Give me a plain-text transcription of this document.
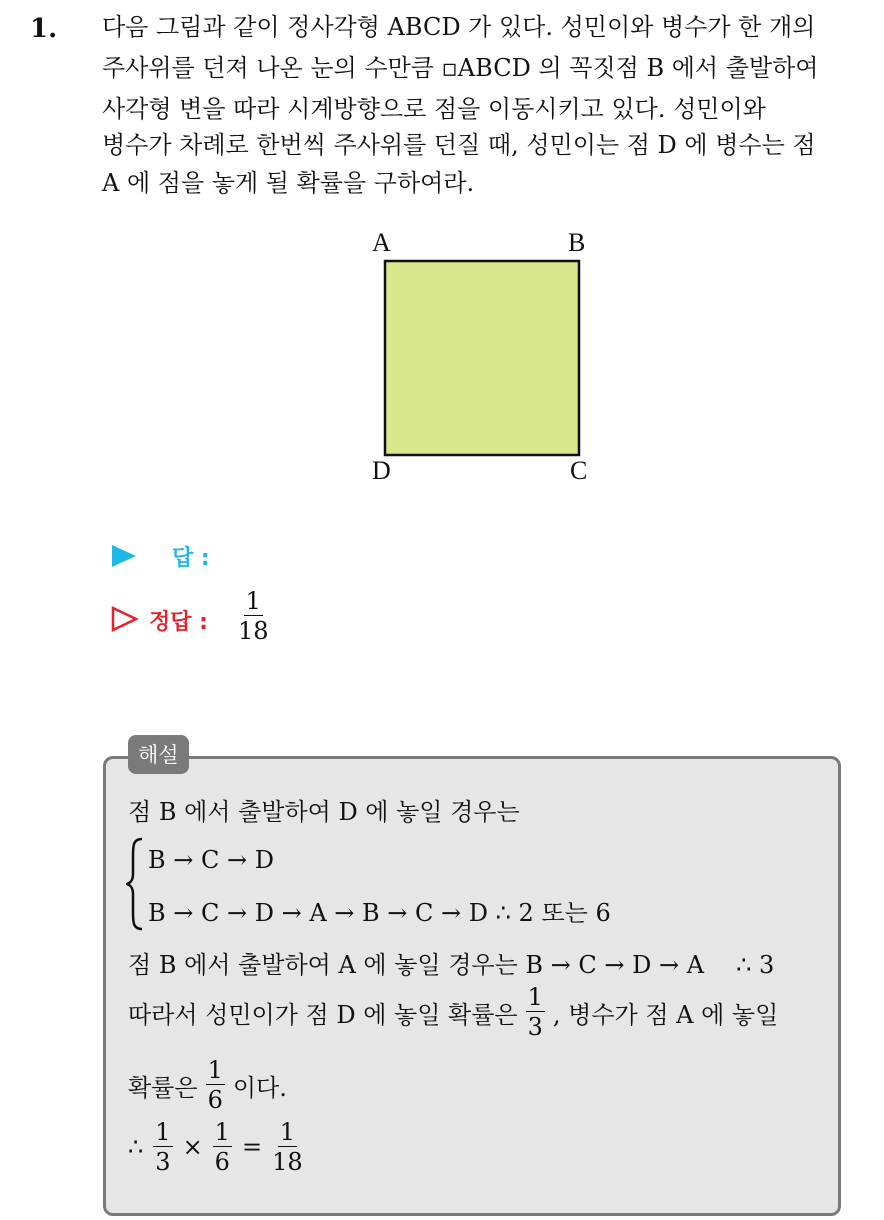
1. 다음 그림과 같이 정사각형 ABCD 가 있다. 성민이와 병수가 한 개의
주사위를 던져 나온 눈의 수만큼 ▫ABCD 의 꼭짓점 B 에서 출발하여
사각형 변을 따라 시계방향으로 점을 이동시키고 있다. 성민이와
병수가 차례로 한번씩 주사위를 던질 때, 성민이는 점 D 에 병수는 점
A 에 점을 놓게 될 확률을 구하여라.
A	B
C
D
답 :
정답 : $\frac{1}{18}$
해설
점 B 에서 출발하여 D 에 놓일 경우는
B → C → D
B → C → D → A → B → C → D ∴ 2 또는 6
점 B 에서 출발하여 A 에 놓일 경우는 B → C → D → A ∴ 3
따라서 성민이가 점 D 에 놓일 확률은 $\frac{1}{3}$ , 병수가 점 A 에 놓일
확률은 $\frac{1}{6}$ 이다.
∴ $\frac{1}{3} \times \frac{1}{6} = \frac{1}{18}$
